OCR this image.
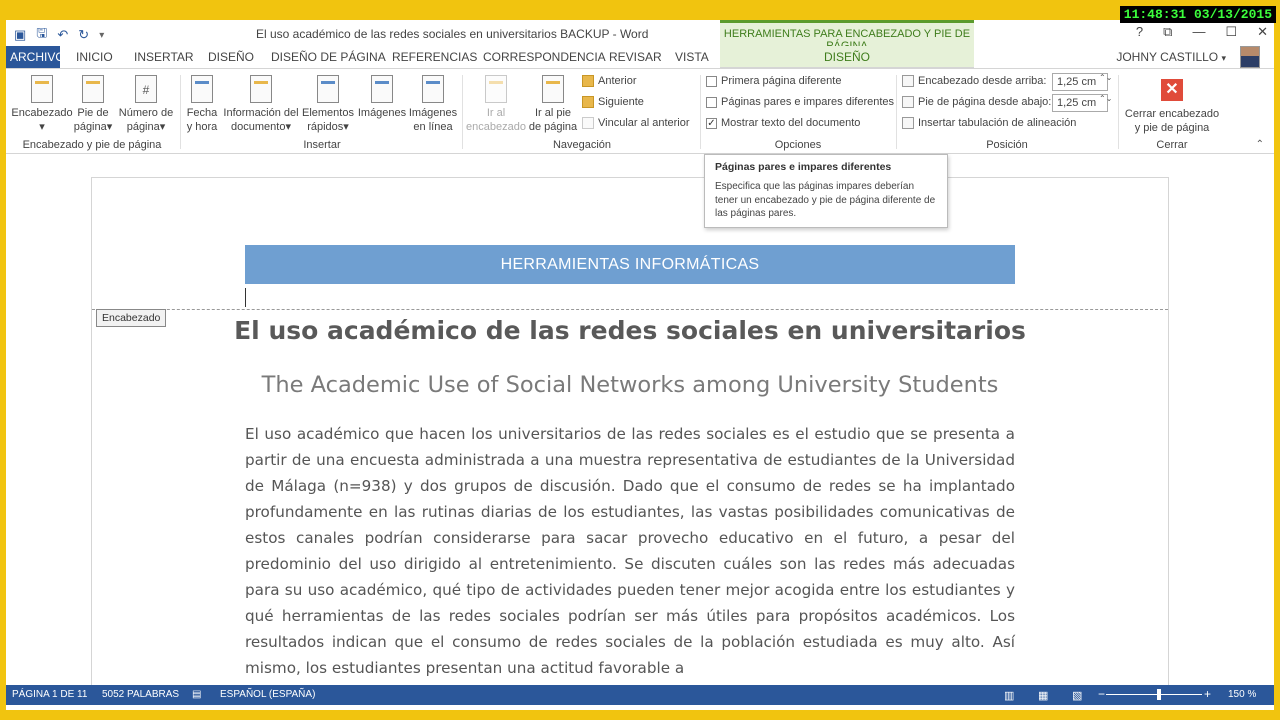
11:48:31 03/13/2015
▣ 🖫 ↶ ↻ ▾	El uso académico de las redes sociales en universitarios BACKUP - Word	HERRAMIENTAS PARA ENCABEZADO Y PIE DE	? ⧉ — ☐ ✕
ARCHIVO INICIO INSERTAR DISEÑO DISEÑO DE PÁGINA REFERENCIAS CORRESPONDENCIA REVISAR VISTA	DISEÑO	JOHNY CASTILLO ▾
Encabezado
▾
Pie de
página▾
#
Número de
página▾
Encabezado y pie de página
Fecha
y hora
Información del
documento▾
Elementos
rápidos▾
Imágenes Imágenes
en línea
Insertar
Ir al
encabezado
Ir al pie
de página
Anterior
Siguiente
Vincular al anterior
Navegación
Primera página diferente
Páginas pares e impares diferentes
✓ Mostrar texto del documento
Opciones
Encabezado desde arriba: 1,25 cm ⌃⌄
Pie de página desde abajo: 1,25 cm ⌃⌄
Insertar tabulación de alineación
Posición
✕
Cerrar encabezado
y pie de página
Cerrar	⌃
Páginas pares e impares diferentes
Especifica que las páginas impares deberían tener un encabezado y pie de página diferente de las páginas pares.
HERRAMIENTAS INFORMÁTICAS
Encabezado	El uso académico de las redes sociales en universitarios
The Academic Use of Social Networks among University Students
El uso académico que hacen los universitarios de las redes sociales es el estudio que se presenta a partir de una encuesta administrada a una muestra representativa de estudiantes de la Universidad de Málaga (n=938) y dos grupos de discusión. Dado que el consumo de redes se ha implantado profundamente en las rutinas diarias de los estudiantes, las vastas posibilidades comunicativas de estos canales podrían considerarse para sacar provecho educativo en el futuro, a pesar del predominio del uso dirigido al entretenimiento. Se discuten cuáles son las redes más adecuadas para su uso académico, qué tipo de actividades pueden tener mejor acogida entre los estudiantes y qué herramientas de las redes sociales podrían ser más útiles para propósitos académicos. Los resultados indican que el consumo de redes sociales de la población estudiada es muy alto. Así mismo, los estudiantes presentan una actitud favorable a
PÁGINA 1 DE 11 5052 PALABRAS ▤ ESPAÑOL (ESPAÑA)	▥ ▦ ▧ −	+ 150 %
